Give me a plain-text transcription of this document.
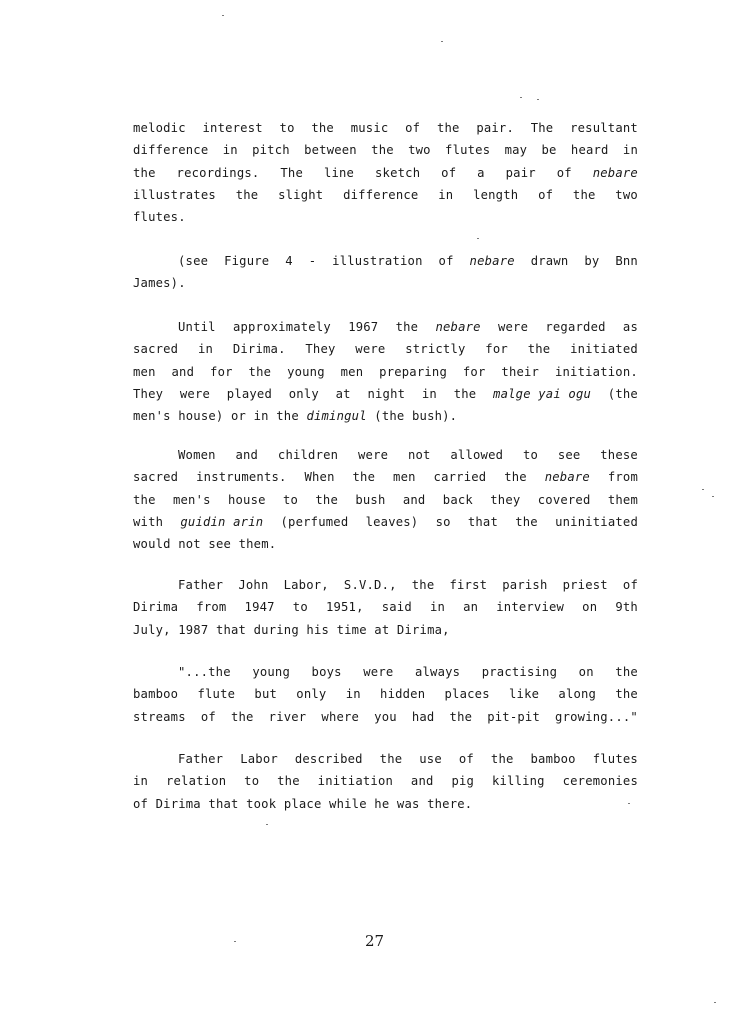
melodic interest to the music of the pair. The resultant
difference in pitch between the two flutes may be heard in
the recordings. The line sketch of a pair of nebare
illustrates the slight difference in length of the two
flutes.
(see Figure 4 - illustration of nebare drawn by Bnn
James).
Until approximately 1967 the nebare were regarded as
sacred in Dirima. They were strictly for the initiated
men and for the young men preparing for their initiation.
They were played only at night in the malge yai ogu (the
men's house) or in the dimingul (the bush).
Women and children were not allowed to see these
sacred instruments. When the men carried the nebare from
the men's house to the bush and back they covered them
with guidin arin (perfumed leaves) so that the uninitiated
would not see them.
Father John Labor, S.V.D., the first parish priest of
Dirima from 1947 to 1951, said in an interview on 9th
July, 1987 that during his time at Dirima,
"...the young boys were always practising on the
bamboo flute but only in hidden places like along the
streams of the river where you had the pit-pit growing..."
Father Labor described the use of the bamboo flutes
in relation to the initiation and pig killing ceremonies
of Dirima that took place while he was there.
27
